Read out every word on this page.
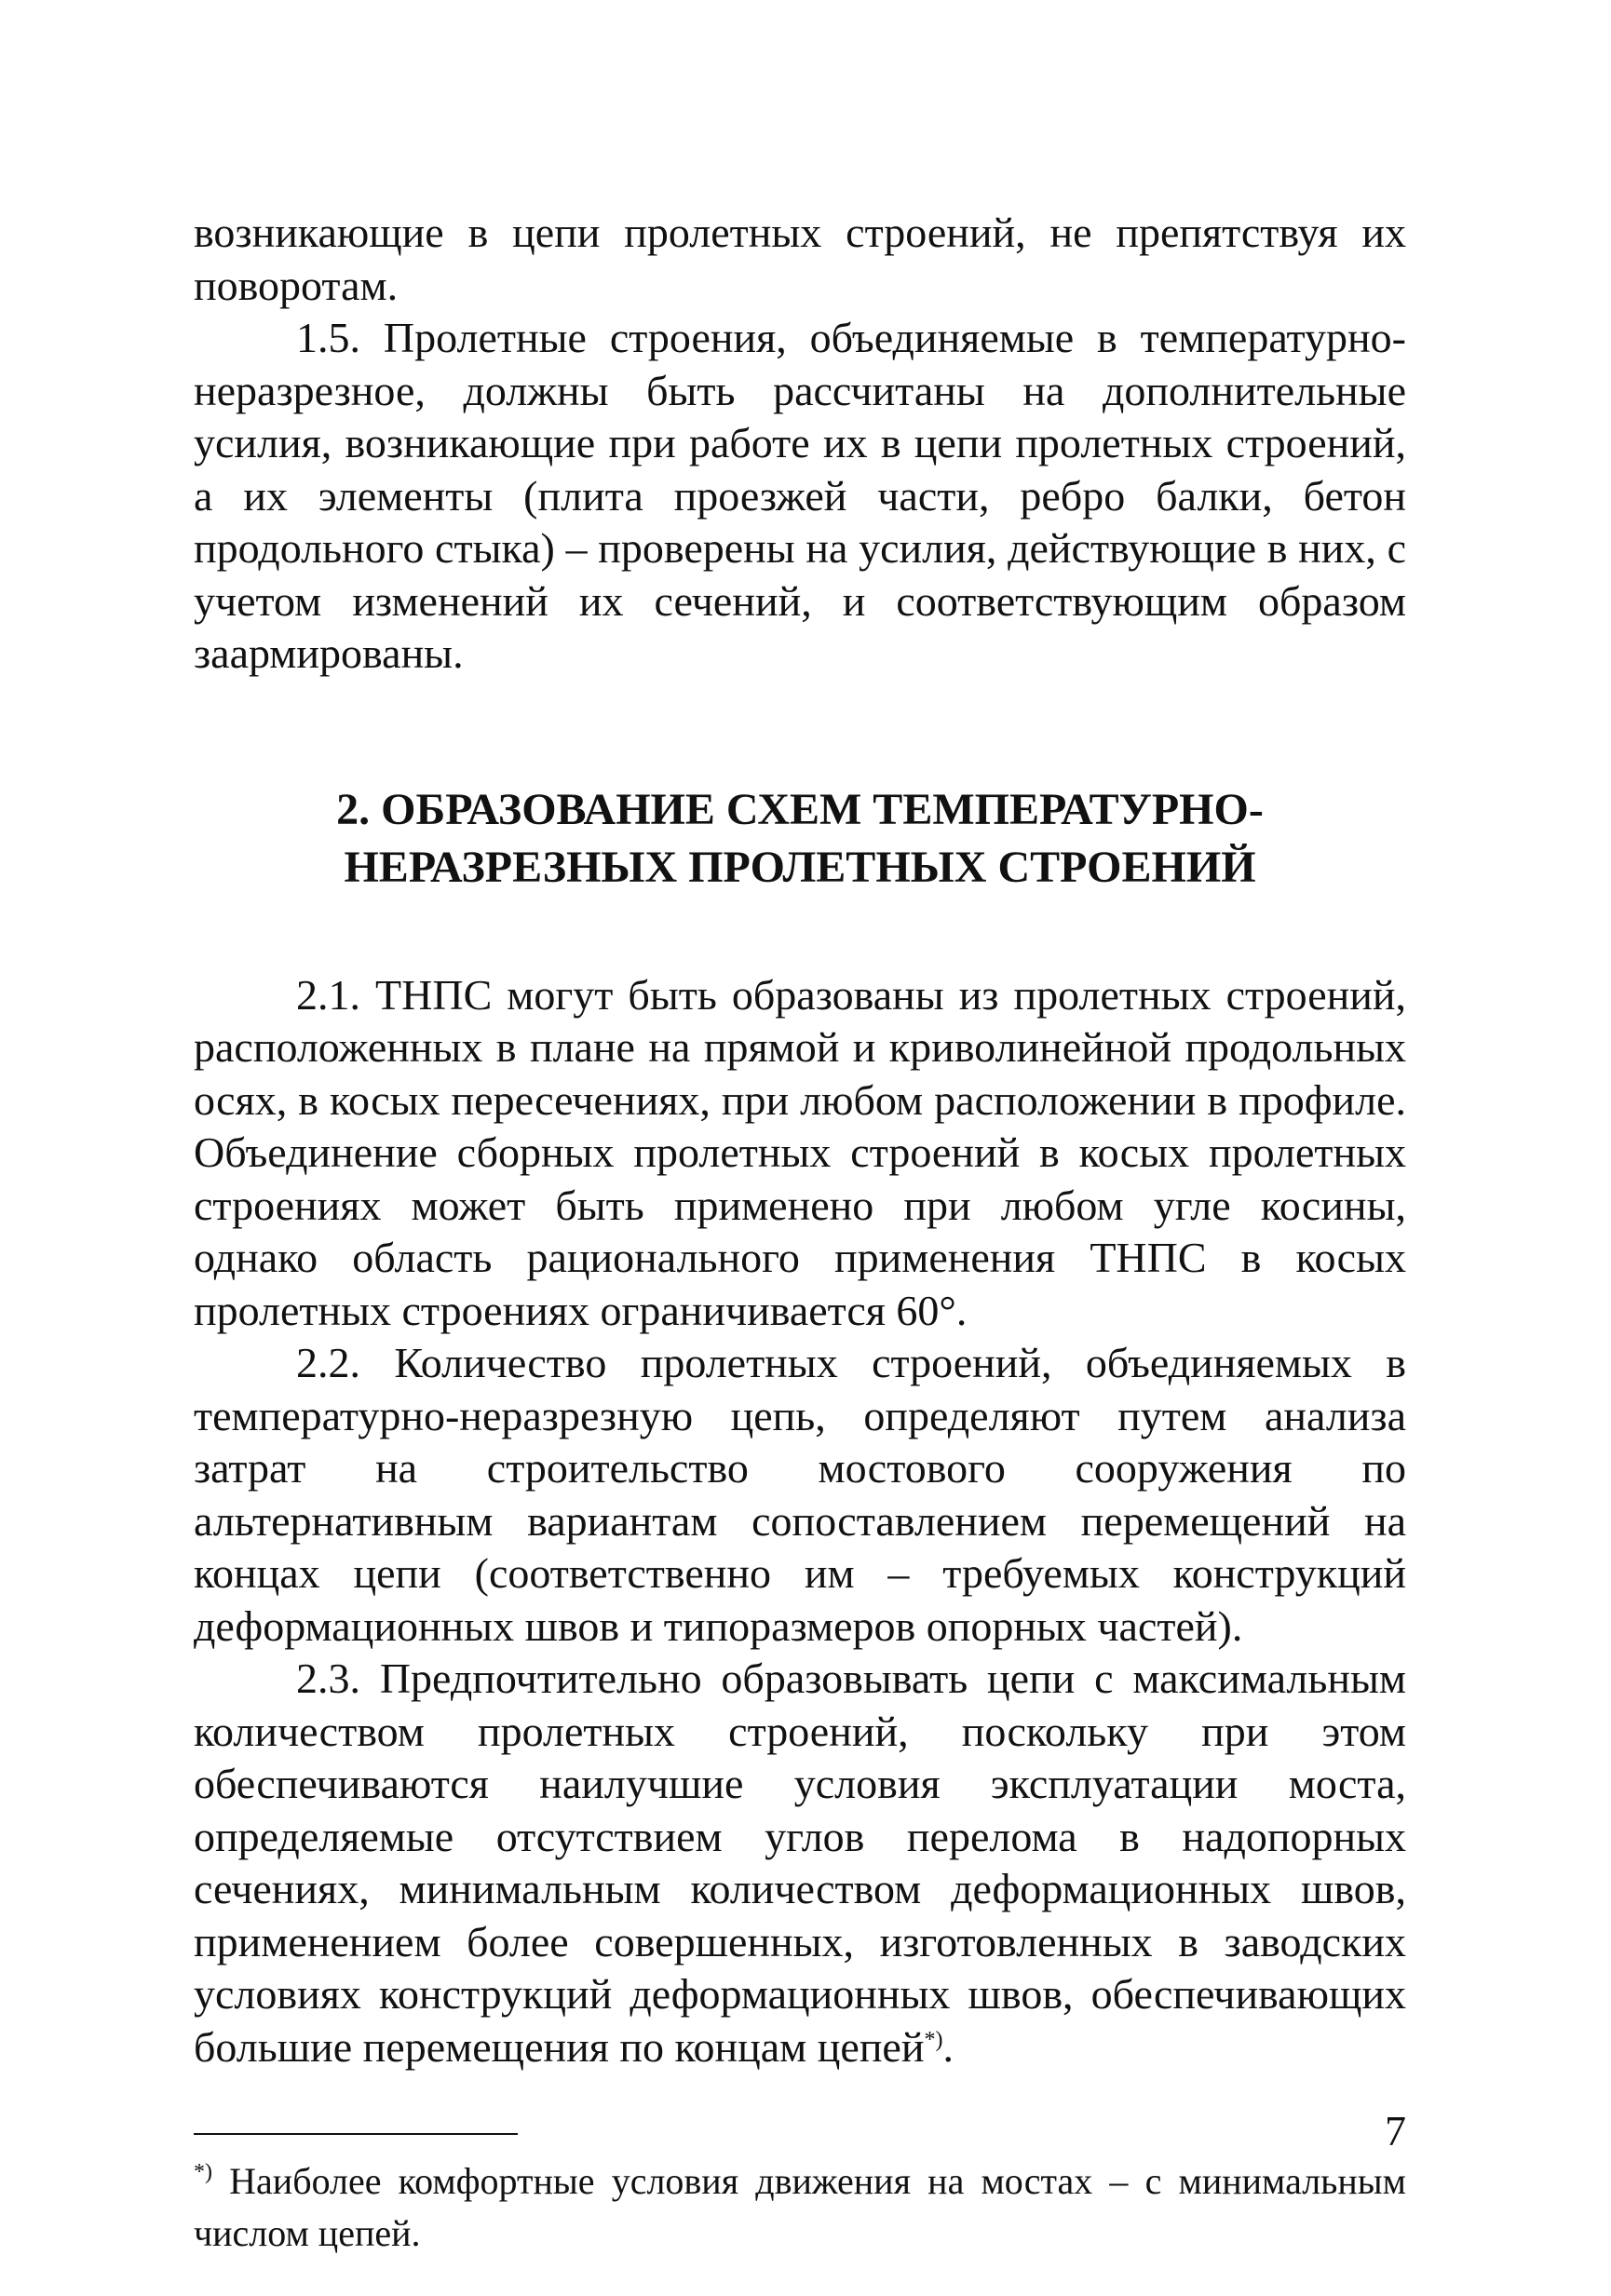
возникающие в цепи пролетных строений, не препятствуя их поворотам.

1.5. Пролетные строения, объединяемые в температурно-неразрезное, должны быть рассчитаны на дополнительные усилия, возникающие при работе их в цепи пролетных строений, а их элементы (плита проезжей части, ребро балки, бетон продольного стыка) – проверены на усилия, действующие в них, с учетом изменений их сечений, и соответствующим образом заармированы.

2. ОБРАЗОВАНИЕ СХЕМ ТЕМПЕРАТУРНО-
НЕРАЗРЕЗНЫХ ПРОЛЕТНЫХ СТРОЕНИЙ

2.1. ТНПС могут быть образованы из пролетных строений, расположенных в плане на прямой и криволинейной продольных осях, в косых пересечениях, при любом расположении в профиле. Объединение сборных пролетных строений в косых пролетных строениях может быть применено при любом угле косины, однако область рационального применения ТНПС в косых пролетных строениях ограничивается 60°.

2.2. Количество пролетных строений, объединяемых в температурно-неразрезную цепь, определяют путем анализа затрат на строительство мостового сооружения по альтернативным вариантам сопоставлением перемещений на концах цепи (соответственно им – требуемых конструкций деформационных швов и типоразмеров опорных частей).

2.3. Предпочтительно образовывать цепи с максимальным количеством пролетных строений, поскольку при этом обеспечиваются наилучшие условия эксплуатации моста, определяемые отсутствием углов перелома в надопорных сечениях, минимальным количеством деформационных швов, применением более совершенных, изготовленных в заводских условиях конструкций деформационных швов, обеспечивающих большие перемещения по концам цепей*).

*) Наиболее комфортные условия движения на мостах – с минимальным числом цепей.
7
